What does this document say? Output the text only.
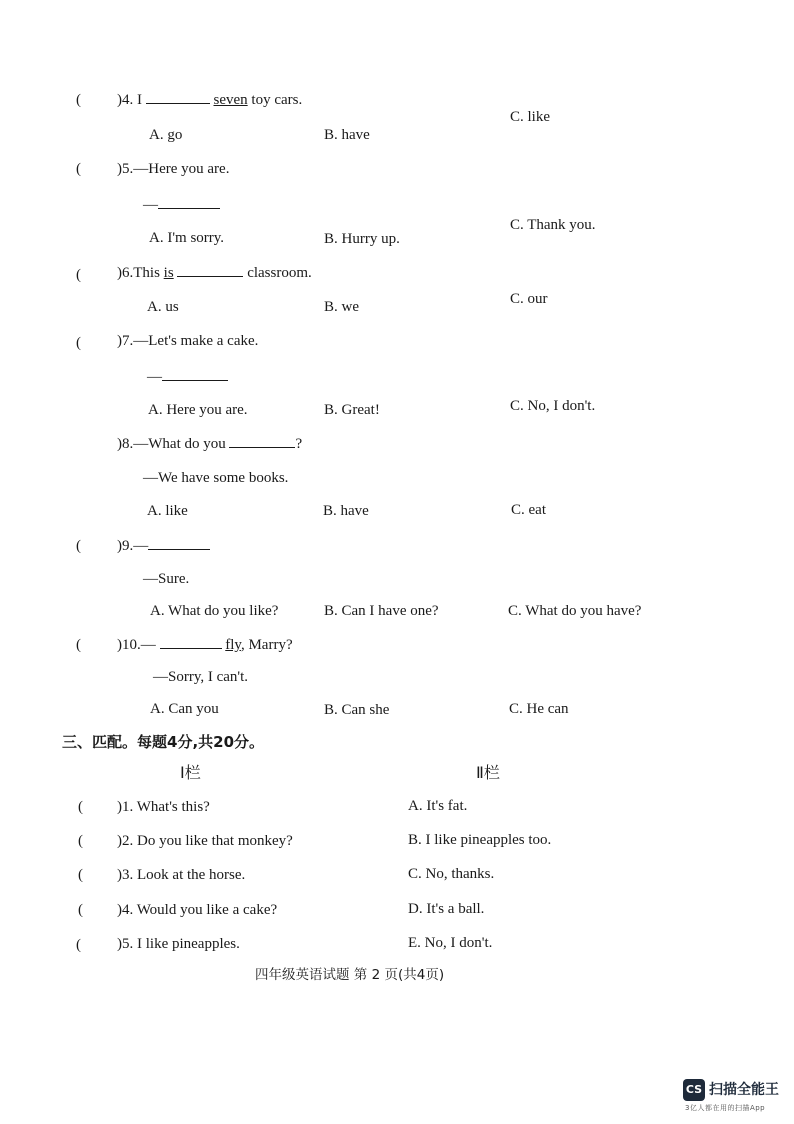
( )4. I	seven toy cars.
A. go	B. have
C. like
( )5.—Here you are.
—
A. I'm sorry.	B. Hurry up.
C. Thank you.
( )6.This is	classroom.
A. us	B. we	C. our
( )7.—Let's make a cake.
—
A. Here you are.	B. Great!	C. No, I don't.
)8.—What do you	?
—We have some books.
A. like	B. have	C. eat
( )9.—
—Sure.
A. What do you like?	B. Can I have one?	C. What do you have?
( )10.—	fly, Marry?
—Sorry, I can't.
A. Can you	B. Can she	C. He can
三、匹配。每题4分,共20分。
Ⅰ栏	Ⅱ栏
( )1. What's this?	A. It's fat.
( )2. Do you like that monkey?	B. I like pineapples too.
( )3. Look at the horse.	C. No, thanks.
( )4. Would you like a cake?	D. It's a ball.
( )5. I like pineapples.	E. No, I don't.
四年级英语试题 第 2 页(共4页)
CS 扫描全能王
3亿人都在用的扫描App
